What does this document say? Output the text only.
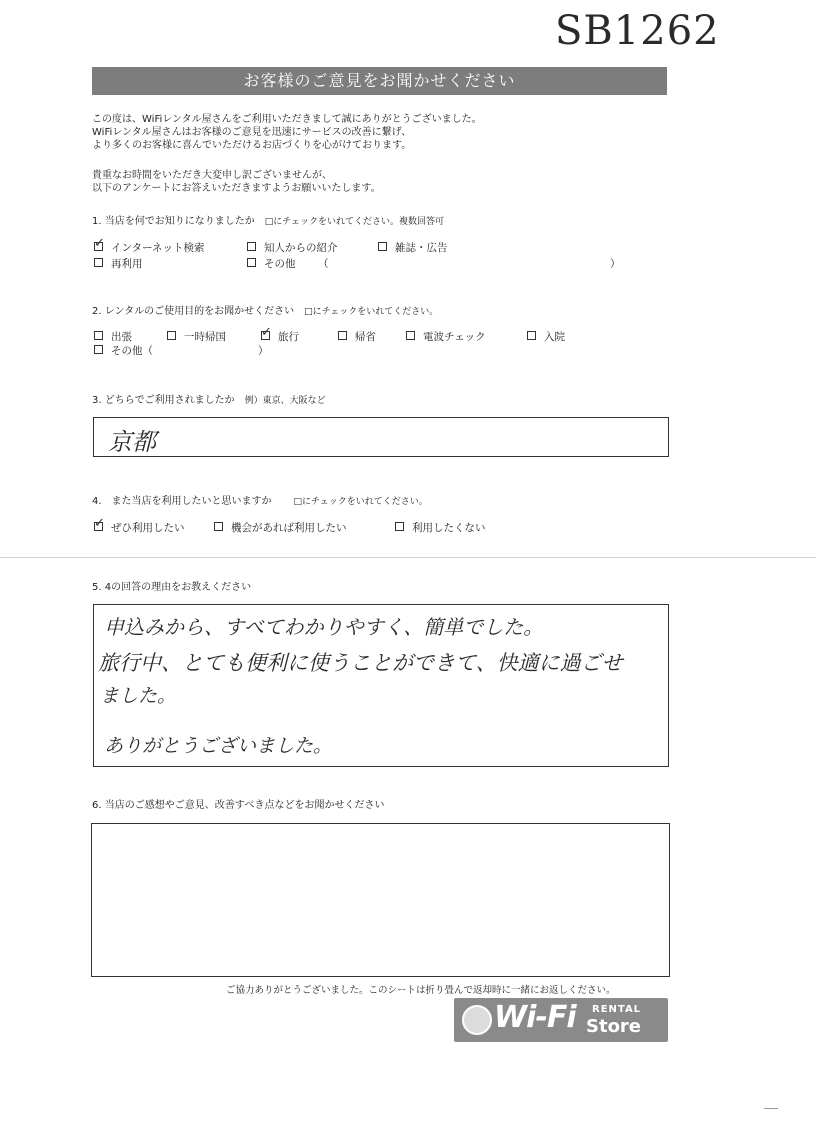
SB1262
お客様のご意見をお聞かせください
この度は、WiFiレンタル屋さんをご利用いただきまして誠にありがとうございました。
WiFiレンタル屋さんはお客様のご意見を迅速にサービスの改善に繋げ、
より多くのお客様に喜んでいただけるお店づくりを心がけております。
貴重なお時間をいただき大変申し訳ございませんが、
以下のアンケートにお答えいただきますようお願いいたします。
1. 当店を何でお知りになりましたか □にチェックをいれてください。複数回答可
✓ インターネット検索	知人からの紹介	雑誌・広告
再利用	その他 （	）
2. レンタルのご使用目的をお聞かせください □にチェックをいれてください。
出張	一時帰国	✓ 旅行	帰省	電波チェック	入院
その他（	）
3. どちらでご利用されましたか 例）東京、大阪など
京都
4.　また当店を利用したいと思いますか □にチェックをいれてください。
✓ ぜひ利用したい	機会があれば利用したい	利用したくない
5. 4の回答の理由をお教えください
申込みから、すべてわかりやすく、簡単でした。
旅行中、とても便利に使うことができて、快適に過ごせ
ました。
ありがとうございました。
6. 当店のご感想やご意見、改善すべき点などをお聞かせください
ご協力ありがとうございました。このシートは折り畳んで返却時に一緒にお返しください。
Wi-Fi RENTAL
Store
